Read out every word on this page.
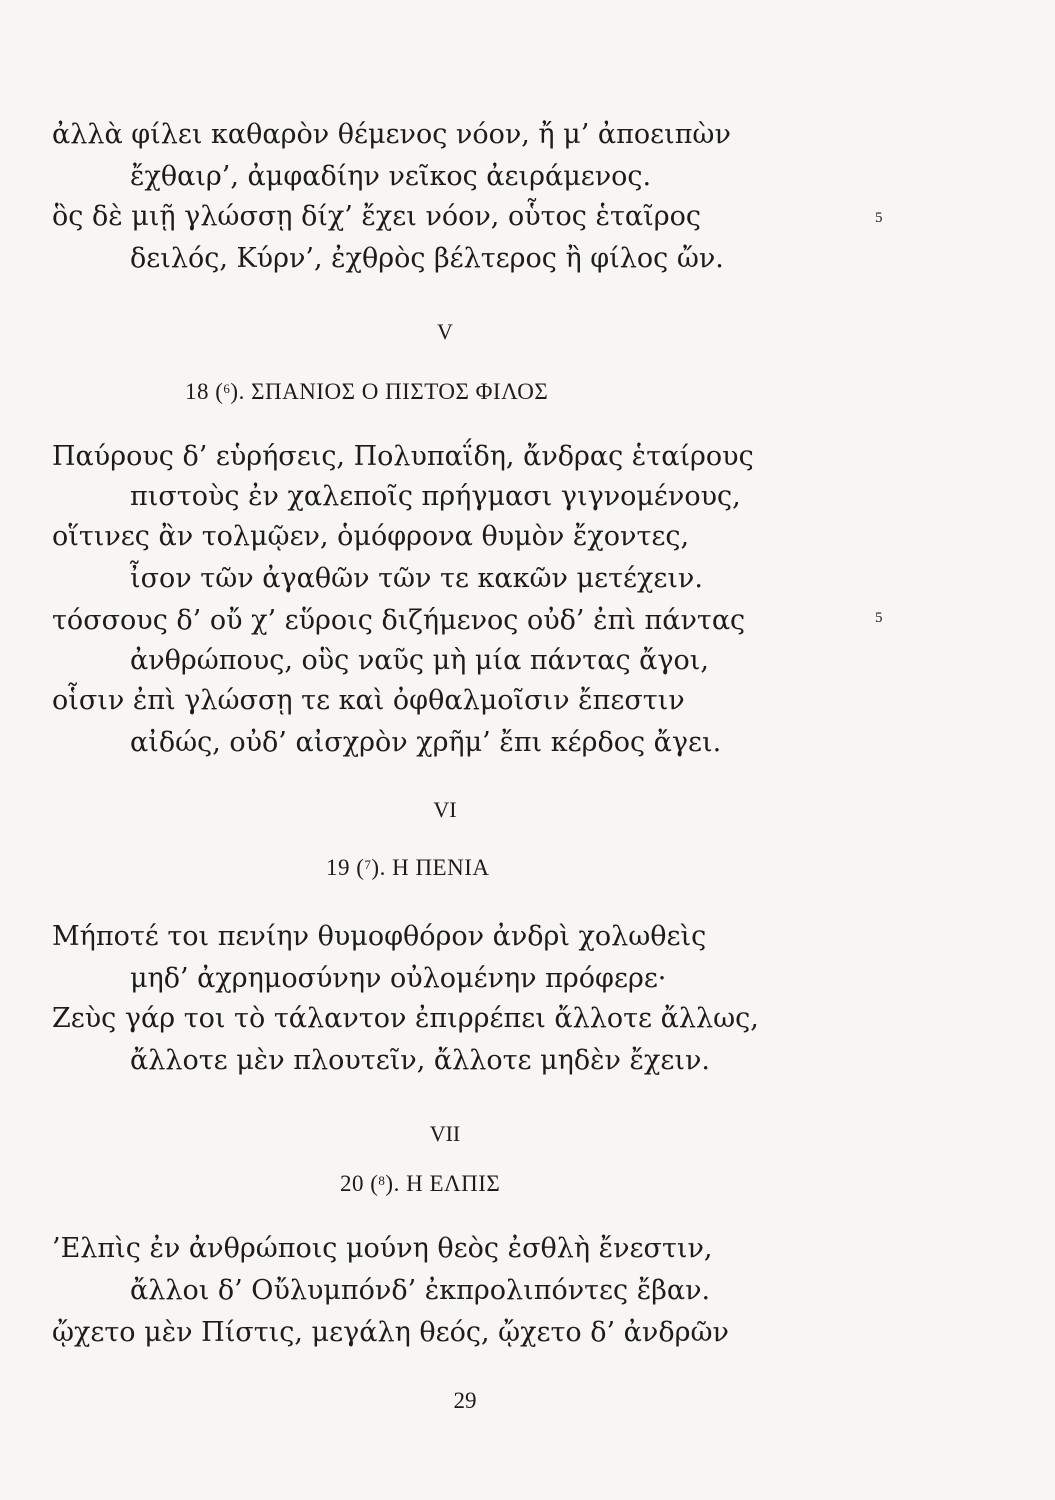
ἀλλὰ φίλει καθαρὸν θέμενος νόον, ἤ μ’ ἀποειπὼν
ἔχθαιρ’, ἀμφαδίην νεῖκος ἀειράμενος.
ὃς δὲ μιῇ γλώσσῃ δίχ’ ἔχει νόον, οὗτος ἑταῖρος	5
δειλός, Κύρν’, ἐχθρὸς βέλτερος ἢ φίλος ὤν.
V
18 ($^6$). ΣΠΑΝΙΟΣ Ο ΠΙΣΤΟΣ ΦΙΛΟΣ
Παύρους δ’ εὑρήσεις, Πολυπαΐδη, ἄνδρας ἑταίρους
πιστοὺς ἐν χαλεποῖς πρήγμασι γιγνομένους,
οἵτινες ἂν τολμῷεν, ὁμόφρονα θυμὸν ἔχοντες,
ἶσον τῶν ἀγαθῶν τῶν τε κακῶν μετέχειν.
τόσσους δ’ οὔ χ’ εὕροις διζήμενος οὐδ’ ἐπὶ πάντας	5
ἀνθρώπους, οὓς ναῦς μὴ μία πάντας ἄγοι,
οἷσιν ἐπὶ γλώσσῃ τε καὶ ὀφθαλμοῖσιν ἔπεστιν
αἰδώς, οὐδ’ αἰσχρὸν χρῆμ’ ἔπι κέρδος ἄγει.
VI
19 ($^7$). Η ΠΕΝΙΑ
Μήποτέ τοι πενίην θυμοφθόρον ἀνδρὶ χολωθεὶς
μηδ’ ἀχρημοσύνην οὐλομένην πρόφερε·
Ζεὺς γάρ τοι τὸ τάλαντον ἐπιρρέπει ἄλλοτε ἄλλως,
ἄλλοτε μὲν πλουτεῖν, ἄλλοτε μηδὲν ἔχειν.
VII
20 ($^8$). Η ΕΛΠΙΣ
’Ελπὶς ἐν ἀνθρώποις μούνη θεὸς ἐσθλὴ ἔνεστιν,
ἄλλοι δ’ Οὔλυμπόνδ’ ἐκπρολιπόντες ἔβαν.
ᾤχετο μὲν Πίστις, μεγάλη θεός, ᾤχετο δ’ ἀνδρῶν
29
